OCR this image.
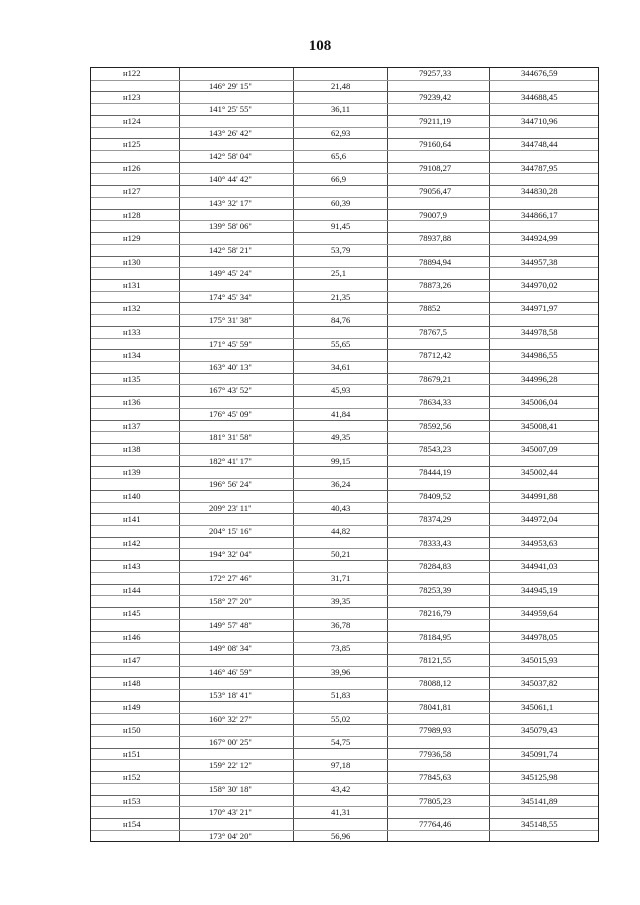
108
н122	79257,33	344676,59
146° 29' 15"	21,48
н123	79239,42	344688,45
141° 25' 55"	36,11
н124	79211,19	344710,96
143° 26' 42"	62,93
н125	79160,64	344748,44
142° 58' 04"	65,6
н126	79108,27	344787,95
140° 44' 42"	66,9
н127	79056,47	344830,28
143° 32' 17"	60,39
н128	79007,9	344866,17
139° 58' 06"	91,45
н129	78937,88	344924,99
142° 58' 21"	53,79
н130	78894,94	344957,38
149° 45' 24"	25,1
н131	78873,26	344970,02
174° 45' 34"	21,35
н132	78852	344971,97
175° 31' 38"	84,76
н133	78767,5	344978,58
171° 45' 59"	55,65
н134	78712,42	344986,55
163° 40' 13"	34,61
н135	78679,21	344996,28
167° 43' 52"	45,93
н136	78634,33	345006,04
176° 45' 09"	41,84
н137	78592,56	345008,41
181° 31' 58"	49,35
н138	78543,23	345007,09
182° 41' 17"	99,15
н139	78444,19	345002,44
196° 56' 24"	36,24
н140	78409,52	344991,88
209° 23' 11"	40,43
н141	78374,29	344972,04
204° 15' 16"	44,82
н142	78333,43	344953,63
194° 32' 04"	50,21
н143	78284,83	344941,03
172° 27' 46"	31,71
н144	78253,39	344945,19
158° 27' 20"	39,35
н145	78216,79	344959,64
149° 57' 48"	36,78
н146	78184,95	344978,05
149° 08' 34"	73,85
н147	78121,55	345015,93
146° 46' 59"	39,96
н148	78088,12	345037,82
153° 18' 41"	51,83
н149	78041,81	345061,1
160° 32' 27"	55,02
н150	77989,93	345079,43
167° 00' 25"	54,75
н151	77936,58	345091,74
159° 22' 12"	97,18
н152	77845,63	345125,98
158° 30' 18"	43,42
н153	77805,23	345141,89
170° 43' 21"	41,31
н154	77764,46	345148,55
173° 04' 20"	56,96
